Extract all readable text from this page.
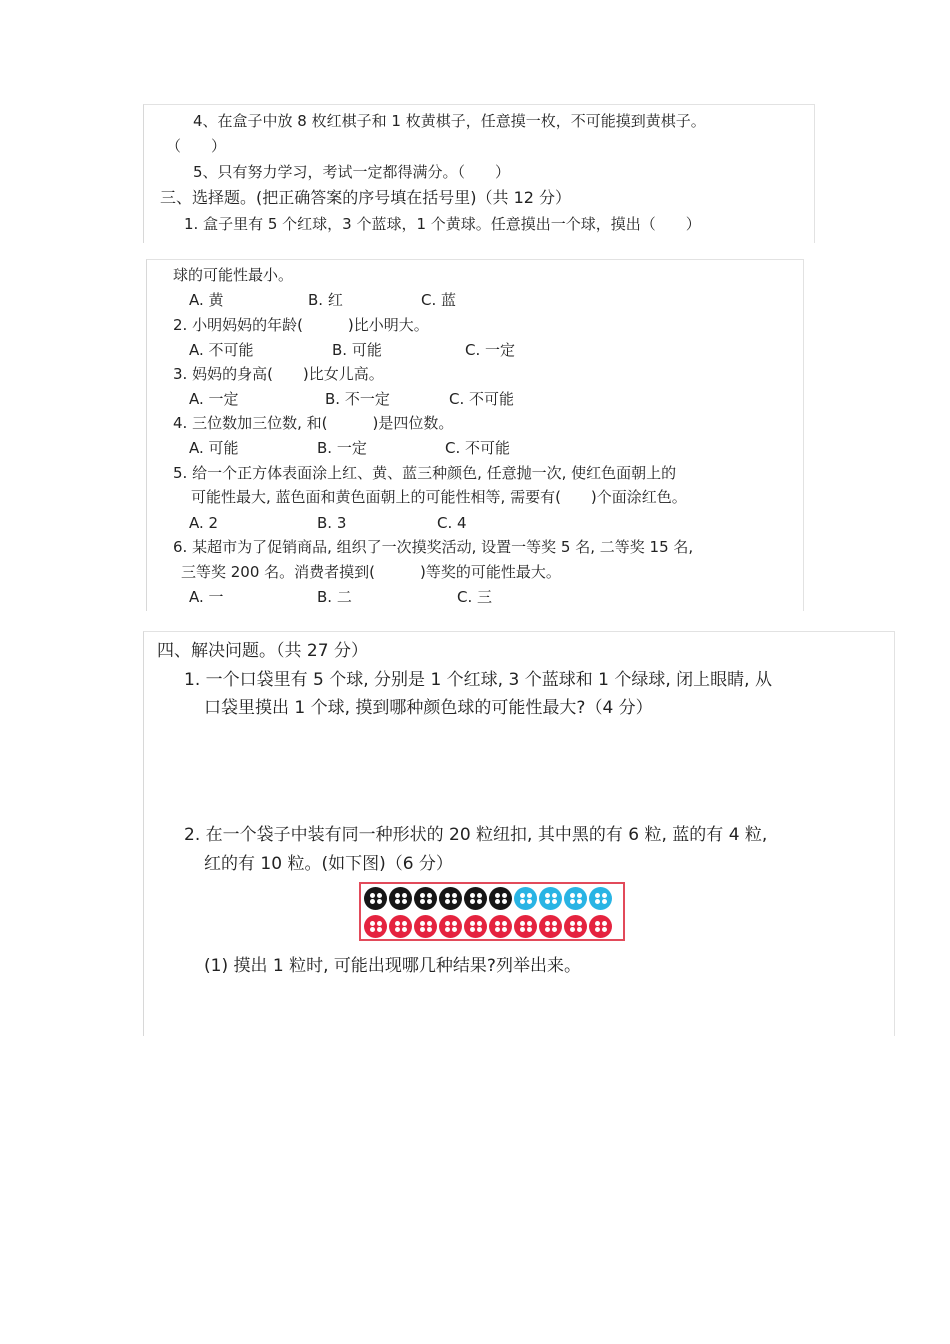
4、在盒子中放 8 枚红棋子和 1 枚黄棋子，任意摸一枚，不可能摸到黄棋子。
（　　）
5、只有努力学习，考试一定都得满分。（　　）
三、选择题。(把正确答案的序号填在括号里)（共 12 分）
1. 盒子里有 5 个红球，3 个蓝球，1 个黄球。任意摸出一个球，摸出（　　）
球的可能性最小。
A. 黄	B. 红	C. 蓝
2. 小明妈妈的年龄(　　　)比小明大。
A. 不可能	B. 可能	C. 一定
3. 妈妈的身高(　　)比女儿高。
A. 一定	B. 不一定	C. 不可能
4. 三位数加三位数, 和(　　　)是四位数。
A. 可能	B. 一定	C. 不可能
5. 给一个正方体表面涂上红、黄、蓝三种颜色, 任意抛一次, 使红色面朝上的
可能性最大, 蓝色面和黄色面朝上的可能性相等, 需要有(　　)个面涂红色。
A. 2	B. 3	C. 4
6. 某超市为了促销商品, 组织了一次摸奖活动, 设置一等奖 5 名, 二等奖 15 名,
三等奖 200 名。消费者摸到(　　　)等奖的可能性最大。
A. 一	B. 二	C. 三
四、解决问题。（共 27 分）
1. 一个口袋里有 5 个球, 分别是 1 个红球, 3 个蓝球和 1 个绿球, 闭上眼睛, 从
口袋里摸出 1 个球, 摸到哪种颜色球的可能性最大?（4 分）
2. 在一个袋子中装有同一种形状的 20 粒纽扣, 其中黑的有 6 粒, 蓝的有 4 粒,
红的有 10 粒。(如下图)（6 分）
(1) 摸出 1 粒时, 可能出现哪几种结果?列举出来。
